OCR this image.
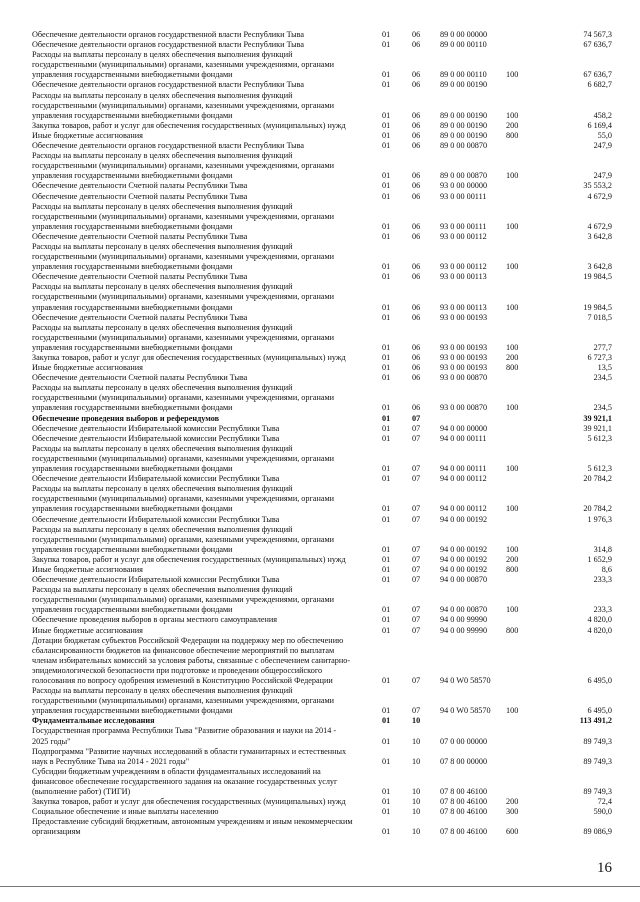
Обеспечение деятельности органов государственной власти Республики Тыва	01	06 89 0 00 00000	74 567,3
Обеспечение деятельности органов государственной власти Республики Тыва	01	06 89 0 00 00110	67 636,7
Расходы на выплаты персоналу в целях обеспечения выполнения функций
государственными (муниципальными) органами, казенными учреждениями, органами
управления государственными внебюджетными фондами	01	06 89 0 00 00110 100	67 636,7
Обеспечение деятельности органов государственной власти Республики Тыва	01	06 89 0 00 00190	6 682,7
Расходы на выплаты персоналу в целях обеспечения выполнения функций
государственными (муниципальными) органами, казенными учреждениями, органами
управления государственными внебюджетными фондами	01	06 89 0 00 00190 100	458,2
Закупка товаров, работ и услуг для обеспечения государственных (муниципальных) нужд	01	06 89 0 00 00190 200	6 169,4
Иные бюджетные ассигнования	01	06 89 0 00 00190 800	55,0
Обеспечение деятельности органов государственной власти Республики Тыва	01	06 89 0 00 00870	247,9
Расходы на выплаты персоналу в целях обеспечения выполнения функций
государственными (муниципальными) органами, казенными учреждениями, органами
управления государственными внебюджетными фондами	01	06 89 0 00 00870 100	247,9
Обеспечение деятельности Счетной палаты Республики Тыва	01	06 93 0 00 00000	35 553,2
Обеспечение деятельности Счетной палаты Республики Тыва	01	06 93 0 00 00111	4 672,9
Расходы на выплаты персоналу в целях обеспечения выполнения функций
государственными (муниципальными) органами, казенными учреждениями, органами
управления государственными внебюджетными фондами	01	06 93 0 00 00111 100	4 672,9
Обеспечение деятельности Счетной палаты Республики Тыва	01	06 93 0 00 00112	3 642,8
Расходы на выплаты персоналу в целях обеспечения выполнения функций
государственными (муниципальными) органами, казенными учреждениями, органами
управления государственными внебюджетными фондами	01	06 93 0 00 00112 100	3 642,8
Обеспечение деятельности Счетной палаты Республики Тыва	01	06 93 0 00 00113	19 984,5
Расходы на выплаты персоналу в целях обеспечения выполнения функций
государственными (муниципальными) органами, казенными учреждениями, органами
управления государственными внебюджетными фондами	01	06 93 0 00 00113 100	19 984,5
Обеспечение деятельности Счетной палаты Республики Тыва	01	06 93 0 00 00193	7 018,5
Расходы на выплаты персоналу в целях обеспечения выполнения функций
государственными (муниципальными) органами, казенными учреждениями, органами
управления государственными внебюджетными фондами	01	06 93 0 00 00193 100	277,7
Закупка товаров, работ и услуг для обеспечения государственных (муниципальных) нужд	01	06 93 0 00 00193 200	6 727,3
Иные бюджетные ассигнования	01	06 93 0 00 00193 800	13,5
Обеспечение деятельности Счетной палаты Республики Тыва	01	06 93 0 00 00870	234,5
Расходы на выплаты персоналу в целях обеспечения выполнения функций
государственными (муниципальными) органами, казенными учреждениями, органами
управления государственными внебюджетными фондами	01	06 93 0 00 00870 100	234,5
Обеспечение проведения выборов и референдумов	01	07	39 921,1
Обеспечение деятельности Избирательной комиссии Республики Тыва	01	07 94 0 00 00000	39 921,1
Обеспечение деятельности Избирательной комиссии Республики Тыва	01	07 94 0 00 00111	5 612,3
Расходы на выплаты персоналу в целях обеспечения выполнения функций
государственными (муниципальными) органами, казенными учреждениями, органами
управления государственными внебюджетными фондами	01	07 94 0 00 00111 100	5 612,3
Обеспечение деятельности Избирательной комиссии Республики Тыва	01	07 94 0 00 00112	20 784,2
Расходы на выплаты персоналу в целях обеспечения выполнения функций
государственными (муниципальными) органами, казенными учреждениями, органами
управления государственными внебюджетными фондами	01	07 94 0 00 00112 100	20 784,2
Обеспечение деятельности Избирательной комиссии Республики Тыва	01	07 94 0 00 00192	1 976,3
Расходы на выплаты персоналу в целях обеспечения выполнения функций
государственными (муниципальными) органами, казенными учреждениями, органами
управления государственными внебюджетными фондами	01	07 94 0 00 00192 100	314,8
Закупка товаров, работ и услуг для обеспечения государственных (муниципальных) нужд	01	07 94 0 00 00192 200	1 652,9
Иные бюджетные ассигнования	01	07 94 0 00 00192 800	8,6
Обеспечение деятельности Избирательной комиссии Республики Тыва	01	07 94 0 00 00870	233,3
Расходы на выплаты персоналу в целях обеспечения выполнения функций
государственными (муниципальными) органами, казенными учреждениями, органами
управления государственными внебюджетными фондами	01	07 94 0 00 00870 100	233,3
Обеспечение проведения выборов в органы местного самоуправления	01	07 94 0 00 99990	4 820,0
Иные бюджетные ассигнования	01	07 94 0 00 99990 800	4 820,0
Дотации бюджетам субъектов Российской Федерации на поддержку мер по обеспечению
сбалансированности бюджетов на финансовое обеспечение мероприятий по выплатам
членам избирательных комиссий за условия работы, связанные с обеспечением санитарно-
эпидемиологической безопасности при подготовке и проведении общероссийского
голосования по вопросу одобрения изменений в Конституцию Российской Федерации	01	07 94 0 W0 58570	6 495,0
Расходы на выплаты персоналу в целях обеспечения выполнения функций
государственными (муниципальными) органами, казенными учреждениями, органами
управления государственными внебюджетными фондами	01	07 94 0 W0 58570 100	6 495,0
Фундаментальные исследования	01	10	113 491,2
Государственная программа Республики Тыва "Развитие образования и науки на 2014 -
2025 годы"	01	10 07 0 00 00000	89 749,3
Подпрограмма "Развитие научных исследований в области гуманитарных и естественных
наук в Республике Тыва на 2014 - 2021 годы"	01	10 07 8 00 00000	89 749,3
Субсидии бюджетным учреждениям в области фундаментальных исследований на
финансовое обеспечение государственного задания на оказание государственных услуг
(выполнение работ) (ТИГИ)	01	10 07 8 00 46100	89 749,3
Закупка товаров, работ и услуг для обеспечения государственных (муниципальных) нужд	01	10 07 8 00 46100 200	72,4
Социальное обеспечение и иные выплаты населению	01	10 07 8 00 46100 300	590,0
Предоставление субсидий бюджетным, автономным учреждениям и иным некоммерческим
организациям	01	10 07 8 00 46100 600	89 086,9
16
